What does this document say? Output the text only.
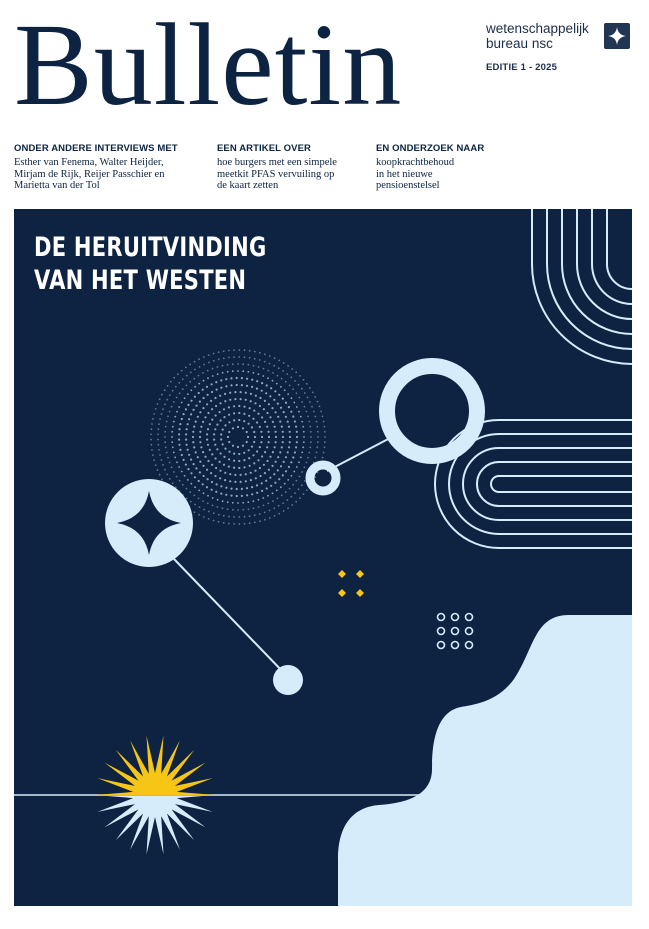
Bulletin	wetenschappelijk
bureau nsc
EDITIE 1 - 2025
ONDER ANDERE INTERVIEWS MET

Esther van Fenema, Walter Heijder,
Mirjam de Rijk, Reijer Passchier en
Marietta van der Tol

EEN ARTIKEL OVER

hoe burgers met een simpele
meetkit PFAS vervuiling op
de kaart zetten

EN ONDERZOEK NAAR

koopkrachtbehoud
in het nieuwe
pensioenstelsel

DE HERUITVINDING
VAN HET WESTEN
